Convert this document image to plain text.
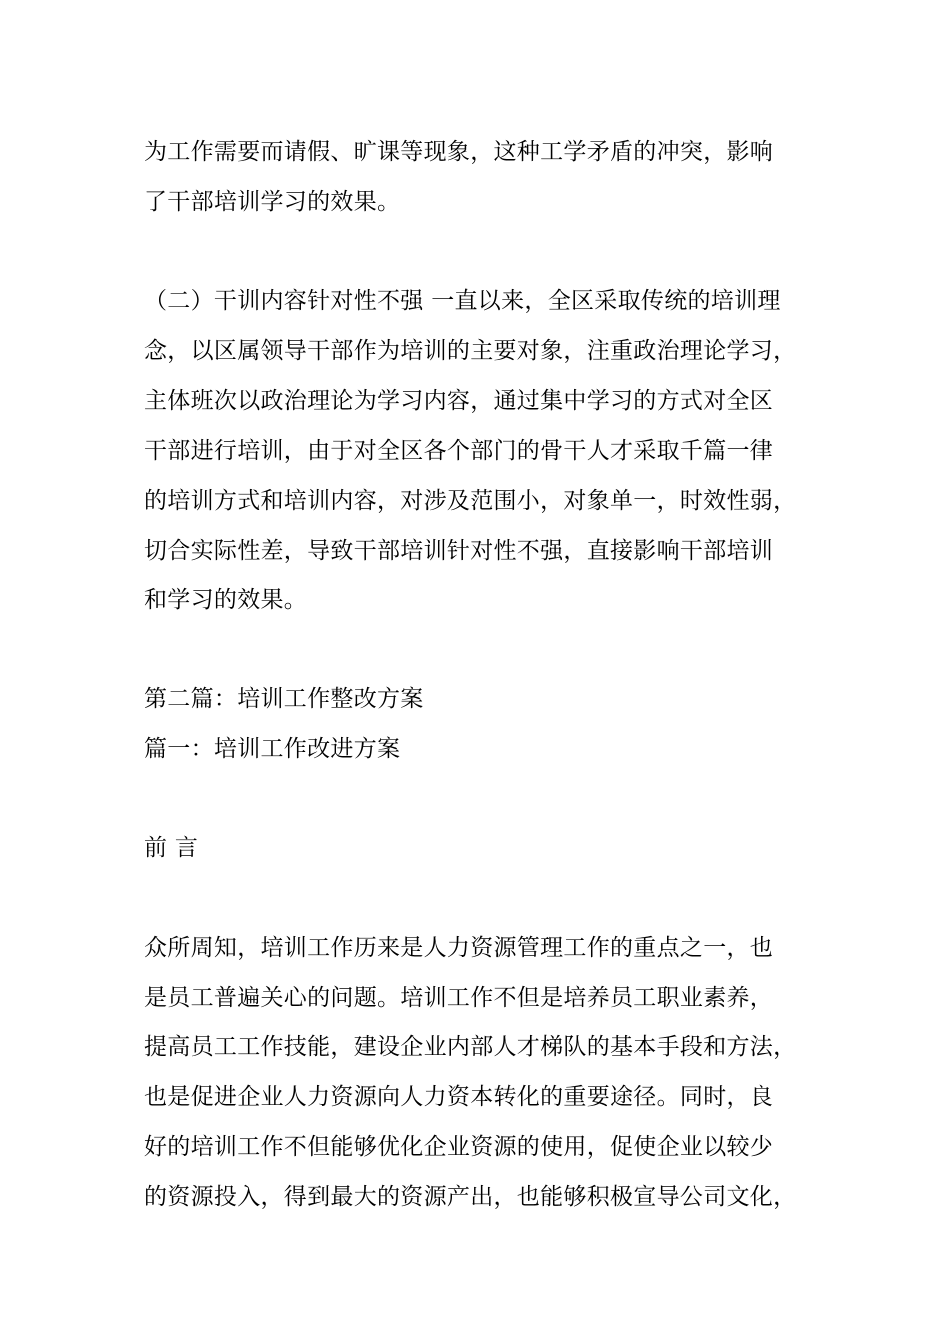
为工作需要而请假、旷课等现象，这种工学矛盾的冲突，影响
了干部培训学习的效果。
（二）干训内容针对性不强 一直以来，全区采取传统的培训理
念，以区属领导干部作为培训的主要对象，注重政治理论学习，
主体班次以政治理论为学习内容，通过集中学习的方式对全区
干部进行培训，由于对全区各个部门的骨干人才采取千篇一律
的培训方式和培训内容，对涉及范围小，对象单一，时效性弱，
切合实际性差，导致干部培训针对性不强，直接影响干部培训
和学习的效果。
第二篇：培训工作整改方案
篇一：培训工作改进方案
前 言
众所周知，培训工作历来是人力资源管理工作的重点之一，也
是员工普遍关心的问题。培训工作不但是培养员工职业素养，
提高员工工作技能，建设企业内部人才梯队的基本手段和方法，
也是促进企业人力资源向人力资本转化的重要途径。同时，良
好的培训工作不但能够优化企业资源的使用，促使企业以较少
的资源投入，得到最大的资源产出，也能够积极宣导公司文化，
